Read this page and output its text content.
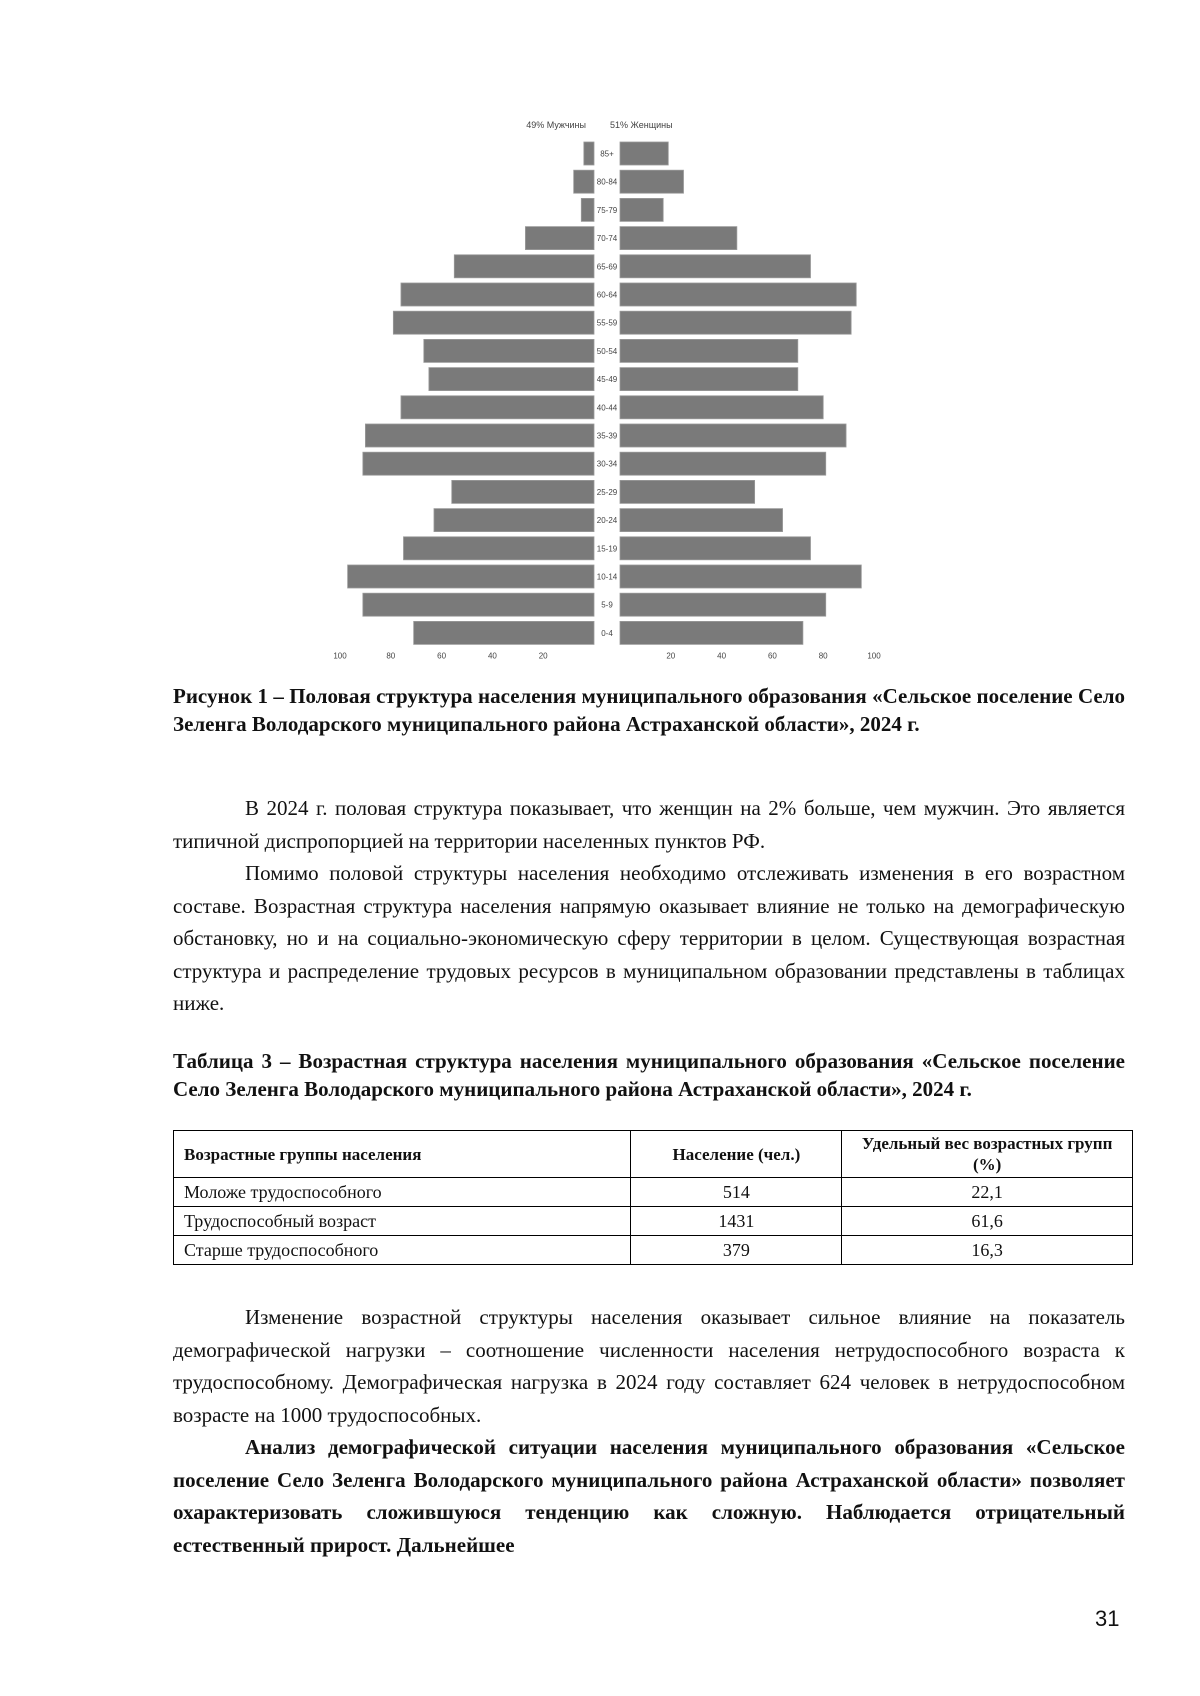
49% Мужчины	51% Женщины
85+
80-84
75-79
70-74
65-69
60-64
55-59
50-54
45-49
40-44
35-39
30-34
25-29
20-24
15-19
10-14
5-9
0-4
100	80	60	40	20	20	40	60	80	100

Рисунок 1 – Половая структура населения муниципального образования «Сельское поселение Село Зеленга Володарского муниципального района Астраханской области», 2024 г.

В 2024 г. половая структура показывает, что женщин на 2% больше, чем мужчин. Это является типичной диспропорцией на территории населенных пунктов РФ.

Помимо половой структуры населения необходимо отслеживать изменения в его возрастном составе. Возрастная структура населения напрямую оказывает влияние не только на демографическую обстановку, но и на социально-экономическую сферу территории в целом. Существующая возрастная структура и распределение трудовых ресурсов в муниципальном образовании представлены в таблицах ниже.

Таблица 3 – Возрастная структура населения муниципального образования «Сельское поселение Село Зеленга Володарского муниципального района Астраханской области», 2024 г.

Возрастные группы населения	Население (чел.)	Удельный вес возрастных групп (%)
Моложе трудоспособного	514	22,1
Трудоспособный возраст	1431	61,6
Старше трудоспособного	379	16,3

Изменение возрастной структуры населения оказывает сильное влияние на показатель демографической нагрузки – соотношение численности населения нетрудоспособного возраста к трудоспособному. Демографическая нагрузка в 2024 году составляет 624 человек в нетрудоспособном возрасте на 1000 трудоспособных.

Анализ демографической ситуации населения муниципального образования «Сельское поселение Село Зеленга Володарского муниципального района Астраханской области» позволяет охарактеризовать сложившуюся тенденцию как сложную. Наблюдается отрицательный естественный прирост. Дальнейшее

31
